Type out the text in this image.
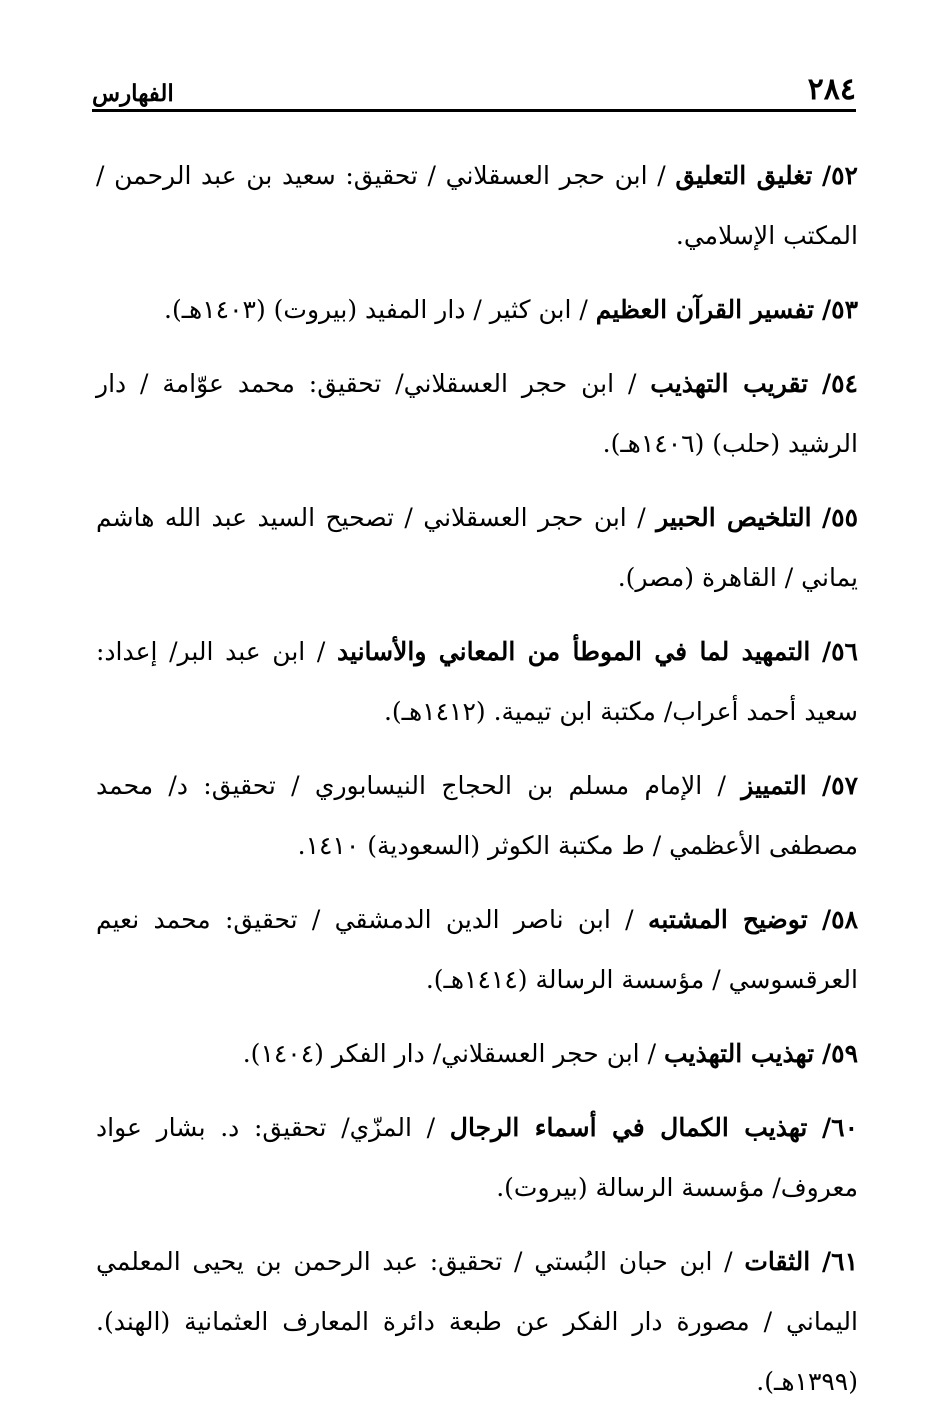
٢٨٤
الفهارس

٥٢/ تغليق التعليق / ابن حجر العسقلاني / تحقيق: سعيد بن عبد الرحمن / المكتب الإسلامي.

٥٣/ تفسير القرآن العظيم / ابن كثير / دار المفيد (بيروت) (١٤٠٣هـ).

٥٤/ تقريب التهذيب / ابن حجر العسقلاني/ تحقيق: محمد عوّامة / دار الرشيد (حلب) (١٤٠٦هـ).

٥٥/ التلخيص الحبير / ابن حجر العسقلاني / تصحيح السيد عبد الله هاشم يماني / القاهرة (مصر).

٥٦/ التمهيد لما في الموطأ من المعاني والأسانيد / ابن عبد البر/ إعداد: سعيد أحمد أعراب/ مكتبة ابن تيمية. (١٤١٢هـ).

٥٧/ التمييز / الإمام مسلم بن الحجاج النيسابوري / تحقيق: د/ محمد مصطفى الأعظمي / ط مكتبة الكوثر (السعودية) ١٤١٠.

٥٨/ توضيح المشتبه / ابن ناصر الدين الدمشقي / تحقيق: محمد نعيم العرقسوسي / مؤسسة الرسالة (١٤١٤هـ).

٥٩/ تهذيب التهذيب / ابن حجر العسقلاني/ دار الفكر (١٤٠٤).

٦٠/ تهذيب الكمال في أسماء الرجال / المزّي/ تحقيق: د. بشار عواد معروف/ مؤسسة الرسالة (بيروت).

٦١/ الثقات / ابن حبان البُستي / تحقيق: عبد الرحمن بن يحيى المعلمي اليماني / مصورة دار الفكر عن طبعة دائرة المعارف العثمانية (الهند). (١٣٩٩هـ).
